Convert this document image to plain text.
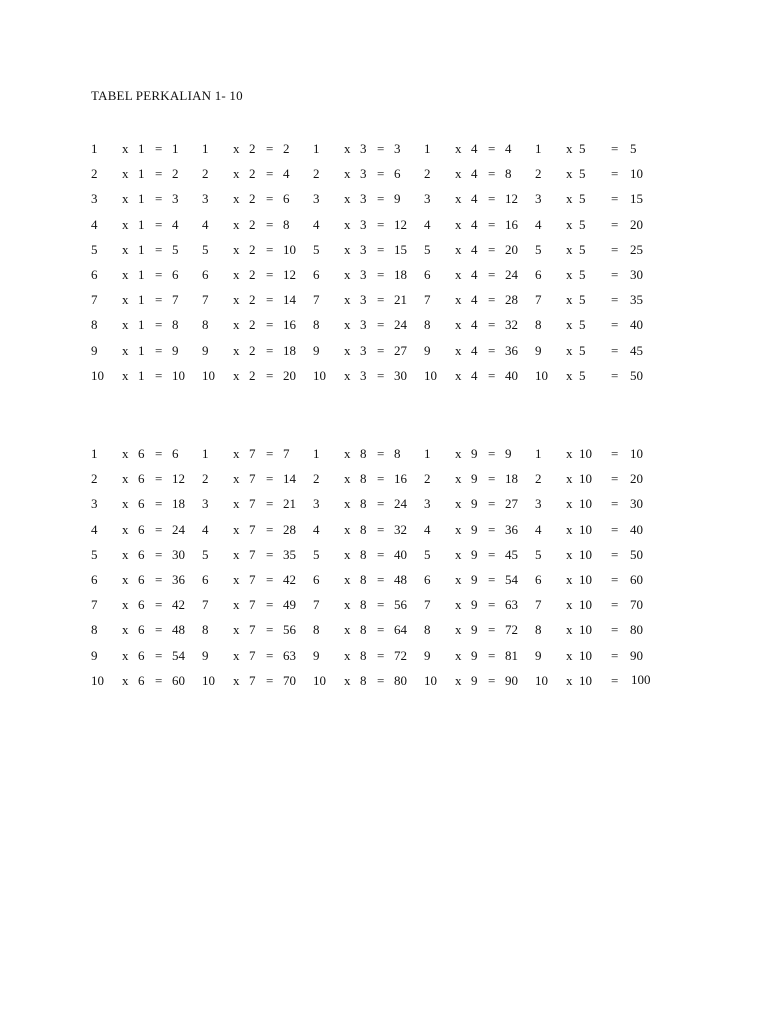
TABEL PERKALIAN 1- 10
1 x 1 = 1 1 x 2 = 2 1 x 3 = 3 1 x 4 = 4 1 x 5 = 5
2 x 1 = 2 2 x 2 = 4 2 x 3 = 6 2 x 4 = 8 2 x 5 = 10
3 x 1 = 3 3 x 2 = 6 3 x 3 = 9 3 x 4 = 12 3 x 5 = 15
4 x 1 = 4 4 x 2 = 8 4 x 3 = 12 4 x 4 = 16 4 x 5 = 20
5 x 1 = 5 5 x 2 = 10 5 x 3 = 15 5 x 4 = 20 5 x 5 = 25
6 x 1 = 6 6 x 2 = 12 6 x 3 = 18 6 x 4 = 24 6 x 5 = 30
7 x 1 = 7 7 x 2 = 14 7 x 3 = 21 7 x 4 = 28 7 x 5 = 35
8 x 1 = 8 8 x 2 = 16 8 x 3 = 24 8 x 4 = 32 8 x 5 = 40
9 x 1 = 9 9 x 2 = 18 9 x 3 = 27 9 x 4 = 36 9 x 5 = 45
10 x 1 = 10 10 x 2 = 20 10 x 3 = 30 10 x 4 = 40 10 x 5 = 50
1 x 6 = 6 1 x 7 = 7 1 x 8 = 8 1 x 9 = 9 1 x 10 = 10
2 x 6 = 12 2 x 7 = 14 2 x 8 = 16 2 x 9 = 18 2 x 10 = 20
3 x 6 = 18 3 x 7 = 21 3 x 8 = 24 3 x 9 = 27 3 x 10 = 30
4 x 6 = 24 4 x 7 = 28 4 x 8 = 32 4 x 9 = 36 4 x 10 = 40
5 x 6 = 30 5 x 7 = 35 5 x 8 = 40 5 x 9 = 45 5 x 10 = 50
6 x 6 = 36 6 x 7 = 42 6 x 8 = 48 6 x 9 = 54 6 x 10 = 60
7 x 6 = 42 7 x 7 = 49 7 x 8 = 56 7 x 9 = 63 7 x 10 = 70
8 x 6 = 48 8 x 7 = 56 8 x 8 = 64 8 x 9 = 72 8 x 10 = 80
9 x 6 = 54 9 x 7 = 63 9 x 8 = 72 9 x 9 = 81 9 x 10 = 90
10 x 6 = 60 10 x 7 = 70 10 x 8 = 80 10 x 9 = 90 10 x 10 = 100
